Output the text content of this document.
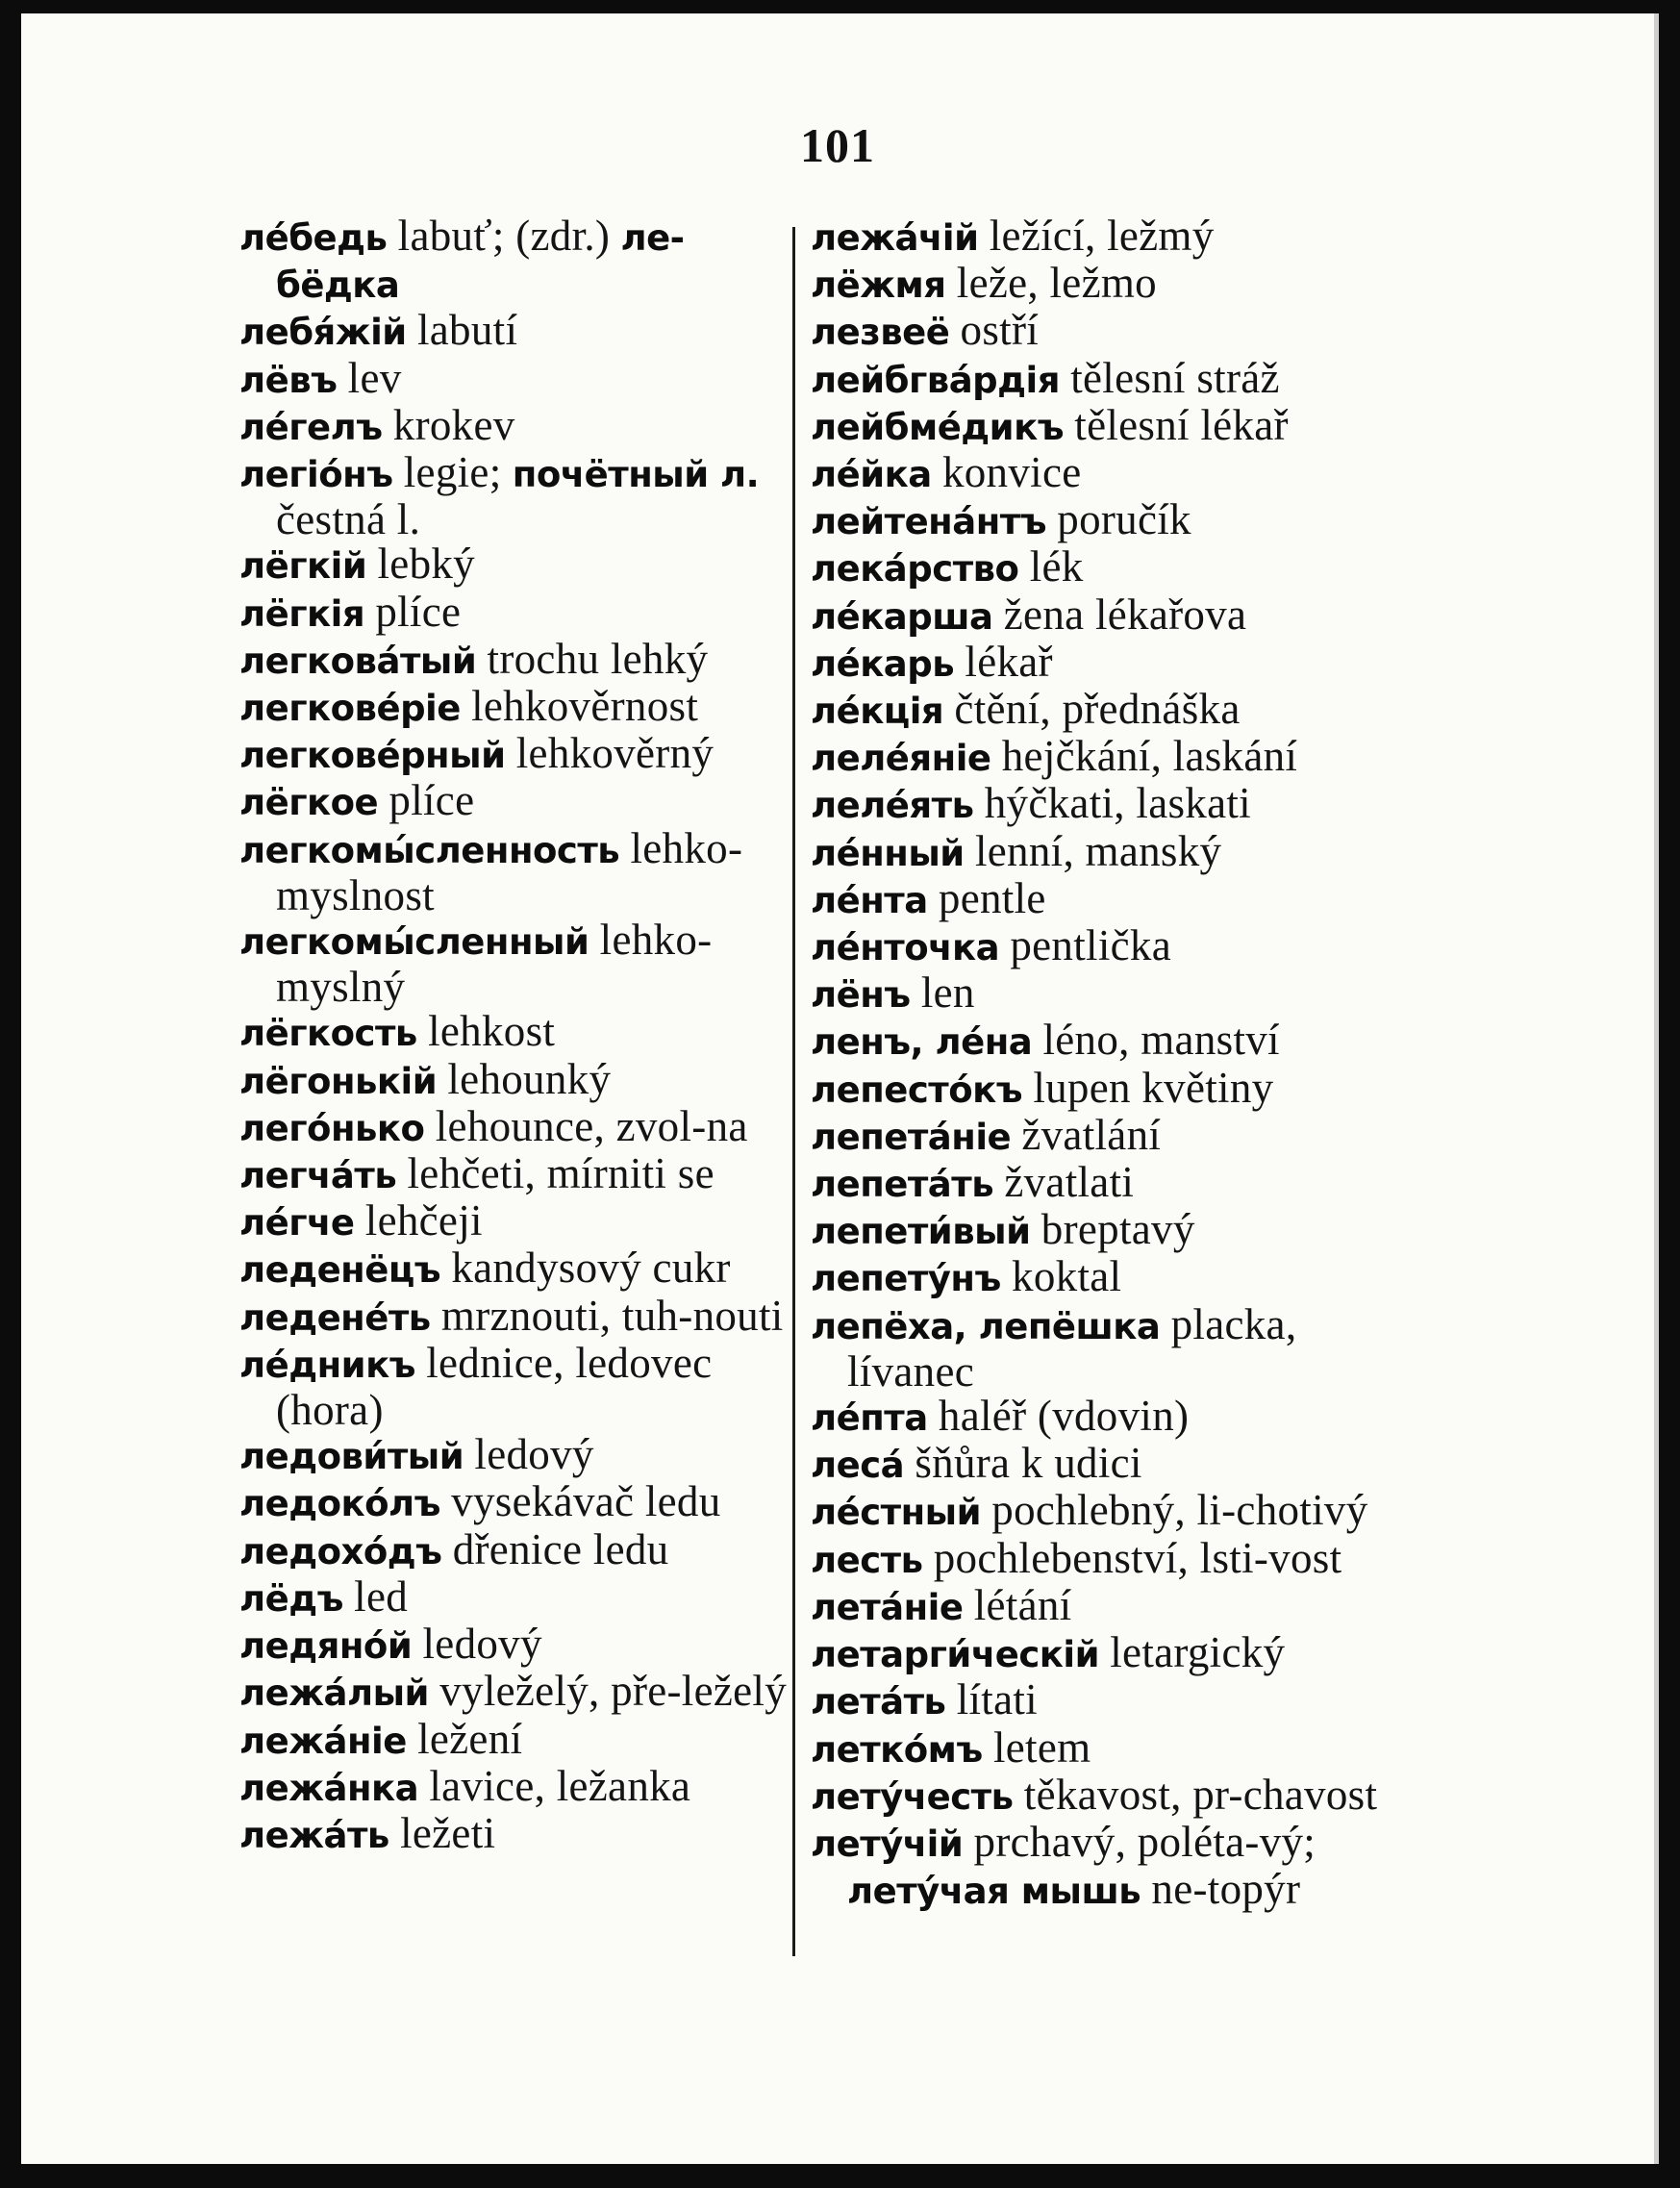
101

ле́бедь labuť; (zdr.) ле-бёдка

лебя́жій labutí

лёвъ lev

ле́гелъ krokev

легіо́нъ legie; почётный л. čestná l.

лёгкій lebký

лёгкія plíce

легкова́тый trochu lehký

легкове́ріе lehkověrnost

легкове́рный lehkověrný

лёгкое plíce

легкомы́сленность lehko-myslnost

легкомы́сленный lehko-myslný

лёгкость lehkost

лёгонькій lehounký

лего́нько lehounce, zvol-na

легча́ть lehčeti, mírniti se

ле́гче lehčeji

леденёцъ kandysový cukr

ледене́ть mrznouti, tuh-nouti

ле́дникъ lednice, ledovec (hora)

ледови́тый ledový

ледоко́лъ vysekávač ledu

ледохо́дъ dřenice ledu

лёдъ led

ледяно́й ledový

лежа́лый vyleželý, pře-leželý

лежа́ніе ležení

лежа́нка lavice, ležanka

лежа́ть ležeti

лежа́чій ležící, ležmý

лёжмя leže, ležmo

лезвеё ostří

лейбгва́рдія tělesní stráž

лейбме́дикъ tělesní lékař

ле́йка konvice

лейтена́нтъ poručík

лека́рство lék

ле́карша žena lékařova

ле́карь lékař

ле́кція čtění, přednáška

леле́яніе hejčkání, laskání

леле́ять hýčkati, laskati

ле́нный lenní, manský

ле́нта pentle

ле́нточка pentlička

лёнъ len

ленъ, ле́на léno, manství

лепесто́къ lupen květiny

лепета́ніе žvatlání

лепета́ть žvatlati

лепети́вый breptavý

лепету́нъ koktal

лепёха, лепёшка placka, lívanec

ле́пта haléř (vdovin)

леса́ šňůra k udici

ле́стный pochlebný, li-chotivý

лесть pochlebenství, lsti-vost

лета́ніе létání

летарги́ческій letargický

лета́ть lítati

летко́мъ letem

лету́честь těkavost, pr-chavost

лету́чій prchavý, poléta-vý; лету́чая мышь ne-topýr
